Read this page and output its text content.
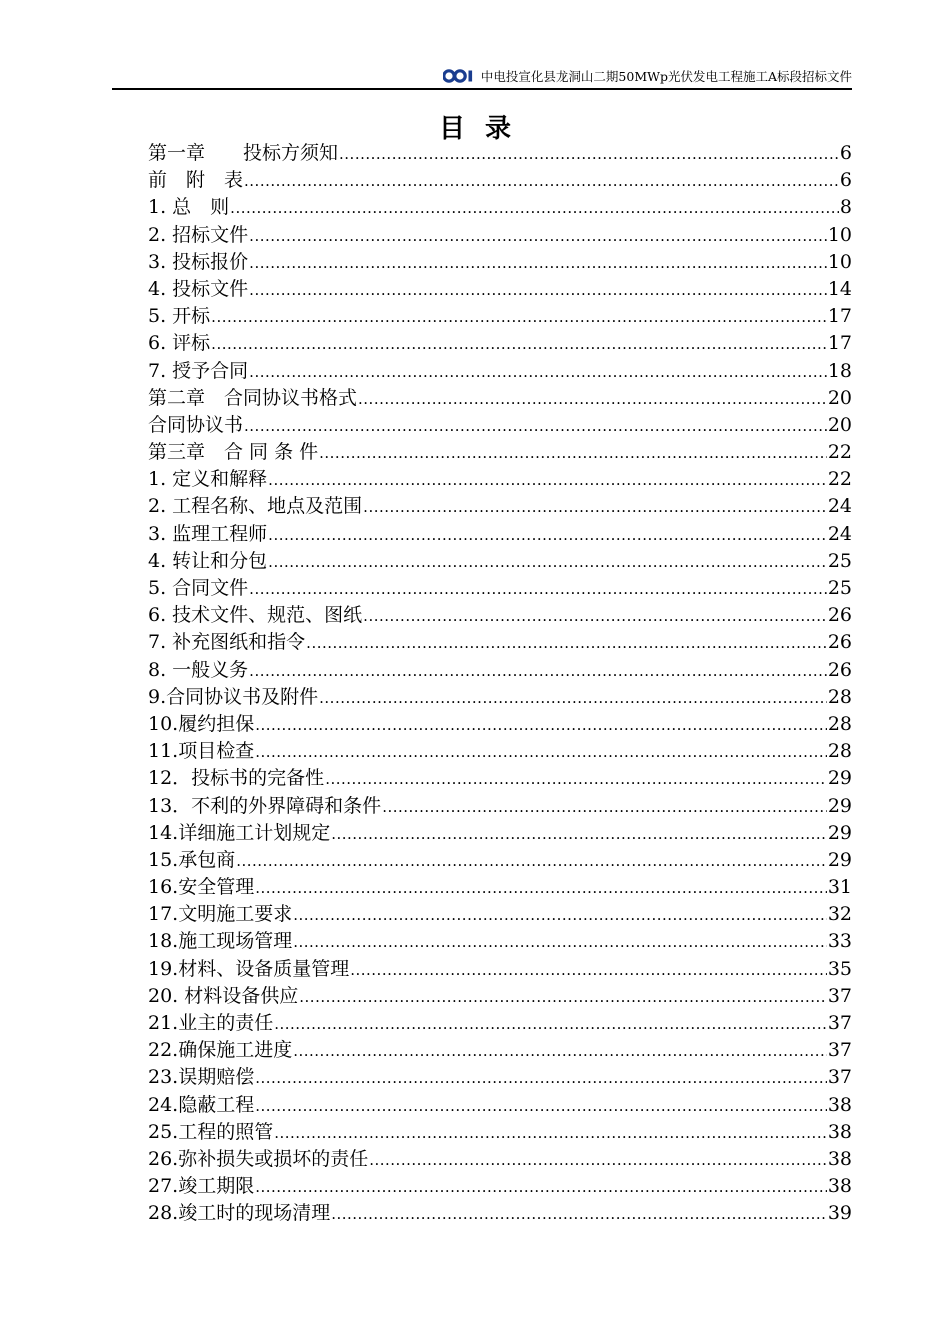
中电投宣化县龙洞山二期50MWp光伏发电工程施工A标段招标文件
目录
第一章　　投标方须知 .....	6
前　附　表 .....	6
1. 总　则 .....	8
2. 招标文件 .....	10
3. 投标报价 .....	10
4. 投标文件 .....	14
5. 开标 .....	17
6. 评标 .....	17
7. 授予合同 .....	18
第二章　合同协议书格式 .....	20
合同协议书 .....	20
第三章　合 同 条 件 .....	22
1. 定义和解释 .....	22
2. 工程名称、地点及范围 .....	24
3. 监理工程师 .....	24
4. 转让和分包 .....	25
5. 合同文件 .....	25
6. 技术文件、规范、图纸 .....	26
7. 补充图纸和指令 .....	26
8. 一般义务 .....	26
9.合同协议书及附件 .....	28
10.履约担保 .....	28
11.项目检查 .....	28
12．投标书的完备性 .....	29
13．不利的外界障碍和条件 .....	29
14.详细施工计划规定 .....	29
15.承包商 .....	29
16.安全管理 .....	31
17.文明施工要求 .....	32
18.施工现场管理 .....	33
19.材料、设备质量管理 .....	35
20. 材料设备供应 .....	37
21.业主的责任 .....	37
22.确保施工进度 .....	37
23.误期赔偿 .....	37
24.隐蔽工程 .....	38
25.工程的照管 .....	38
26.弥补损失或损坏的责任 .....	38
27.竣工期限 .....	38
28.竣工时的现场清理 .....	39
